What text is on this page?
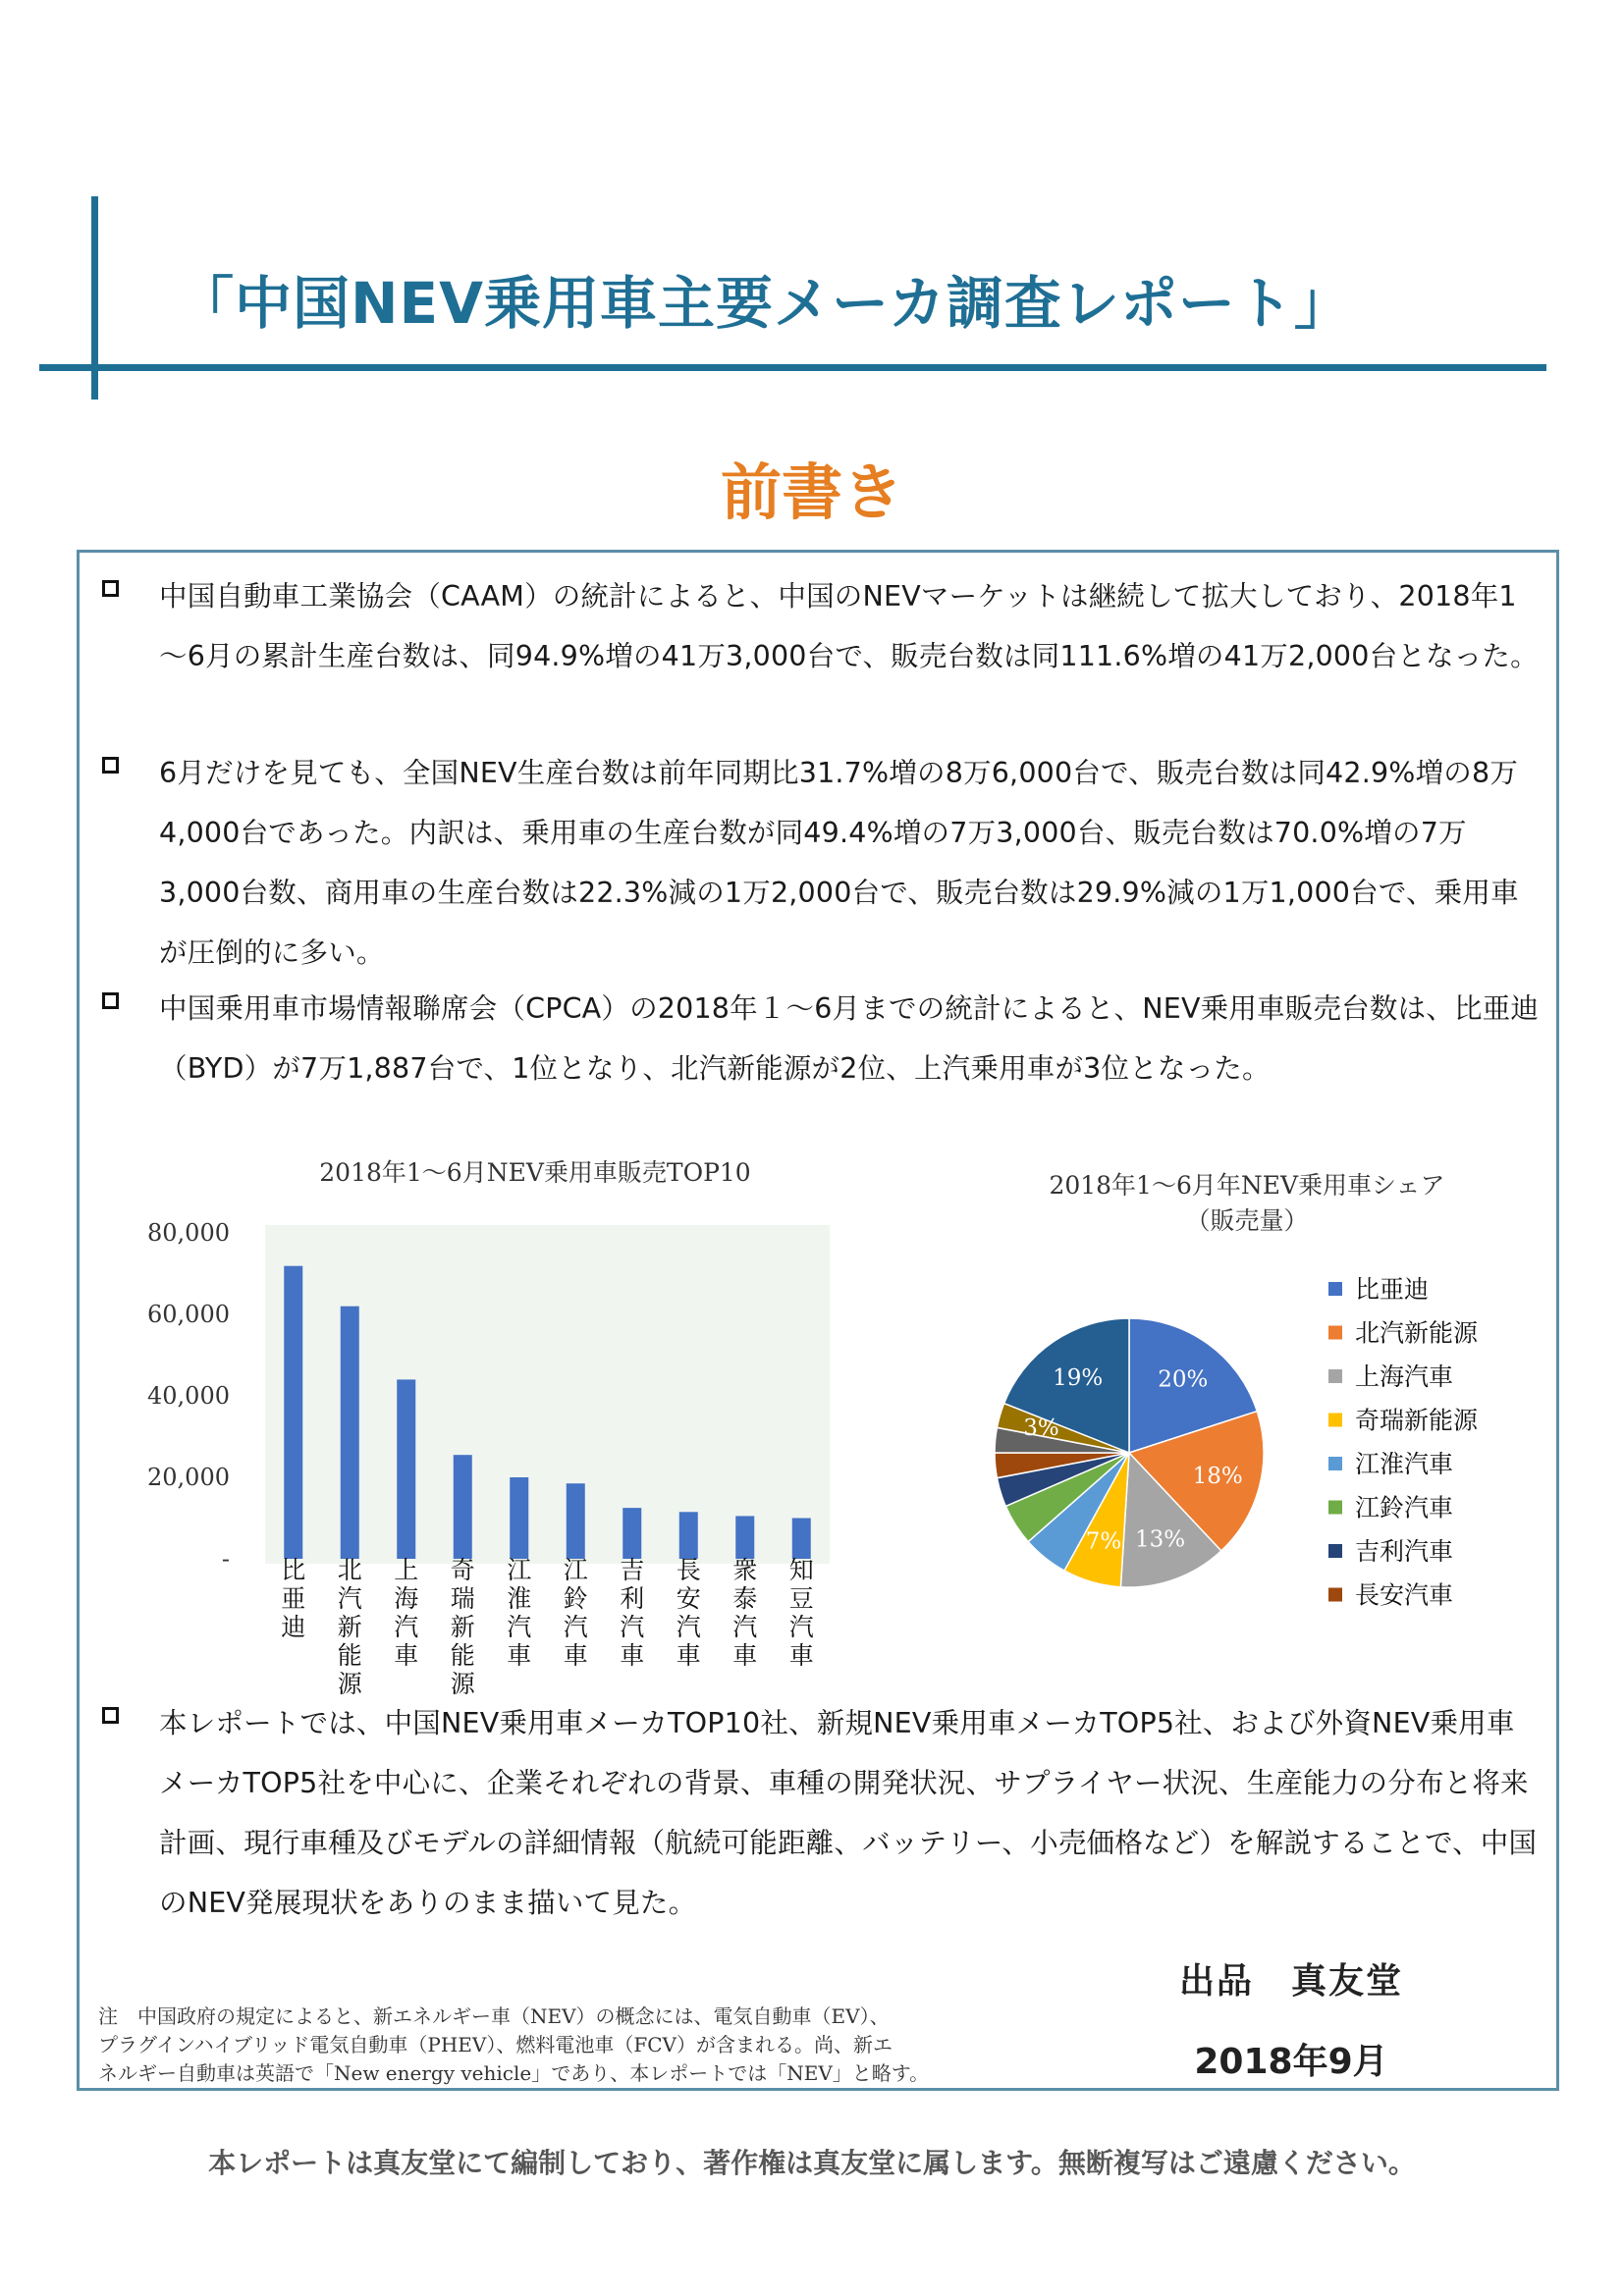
「中国NEV乗用車主要メーカ調査レポート」
前書き
中国自動車工業協会（CAAM）の統計によると、中国のNEVマーケットは継続して拡大しており、2018年1～6月の累計生産台数は、同94.9%増の41万3,000台で、販売台数は同111.6%増の41万2,000台となった。
6月だけを見ても、全国NEV生産台数は前年同期比31.7%増の8万6,000台で、販売台数は同42.9%増の8万4,000台であった。内訳は、乗用車の生産台数が同49.4%増の7万3,000台、販売台数は70.0%増の7万3,000台数、商用車の生産台数は22.3%減の1万2,000台で、販売台数は29.9%減の1万1,000台で、乗用車が圧倒的に多い。
中国乗用車市場情報聯席会（CPCA）の2018年１～6月までの統計によると、NEV乗用車販売台数は、比亜迪（BYD）が7万1,887台で、1位となり、北汽新能源が2位、上汽乗用車が3位となった。
2018年1～6月NEV乗用車販売TOP10
80,000
60,000
40,000
20,000
- 比亜迪
北汽新能源
上海汽車
奇瑞新能源
江淮汽車
江鈴汽車
吉利汽車
長安汽車
衆泰汽車
知豆汽車
2018年1～6月年NEV乗用車シェア
（販売量）
20%
18%
13%
7%
3%
19%
比亜迪
北汽新能源
上海汽車
奇瑞新能源
江淮汽車
江鈴汽車
吉利汽車
長安汽車
本レポートでは、中国NEV乗用車メーカTOP10社、新規NEV乗用車メーカTOP5社、および外資NEV乗用車メーカTOP5社を中心に、企業それぞれの背景、車種の開発状況、サプライヤー状況、生産能力の分布と将来計画、現行車種及びモデルの詳細情報（航続可能距離、バッテリー、小売価格など）を解説することで、中国のNEV発展現状をありのまま描いて見た。
注　中国政府の規定によると、新エネルギー車（NEV）の概念には、電気自動車（EV）、
プラグインハイブリッド電気自動車（PHEV）、燃料電池車（FCV）が含まれる。尚、新エ
ネルギー自動車は英語で「New energy vehicle」であり、本レポートでは「NEV」と略す。
出品　真友堂
2018年9月
本レポートは真友堂にて編制しており、著作権は真友堂に属します。無断複写はご遠慮ください。
